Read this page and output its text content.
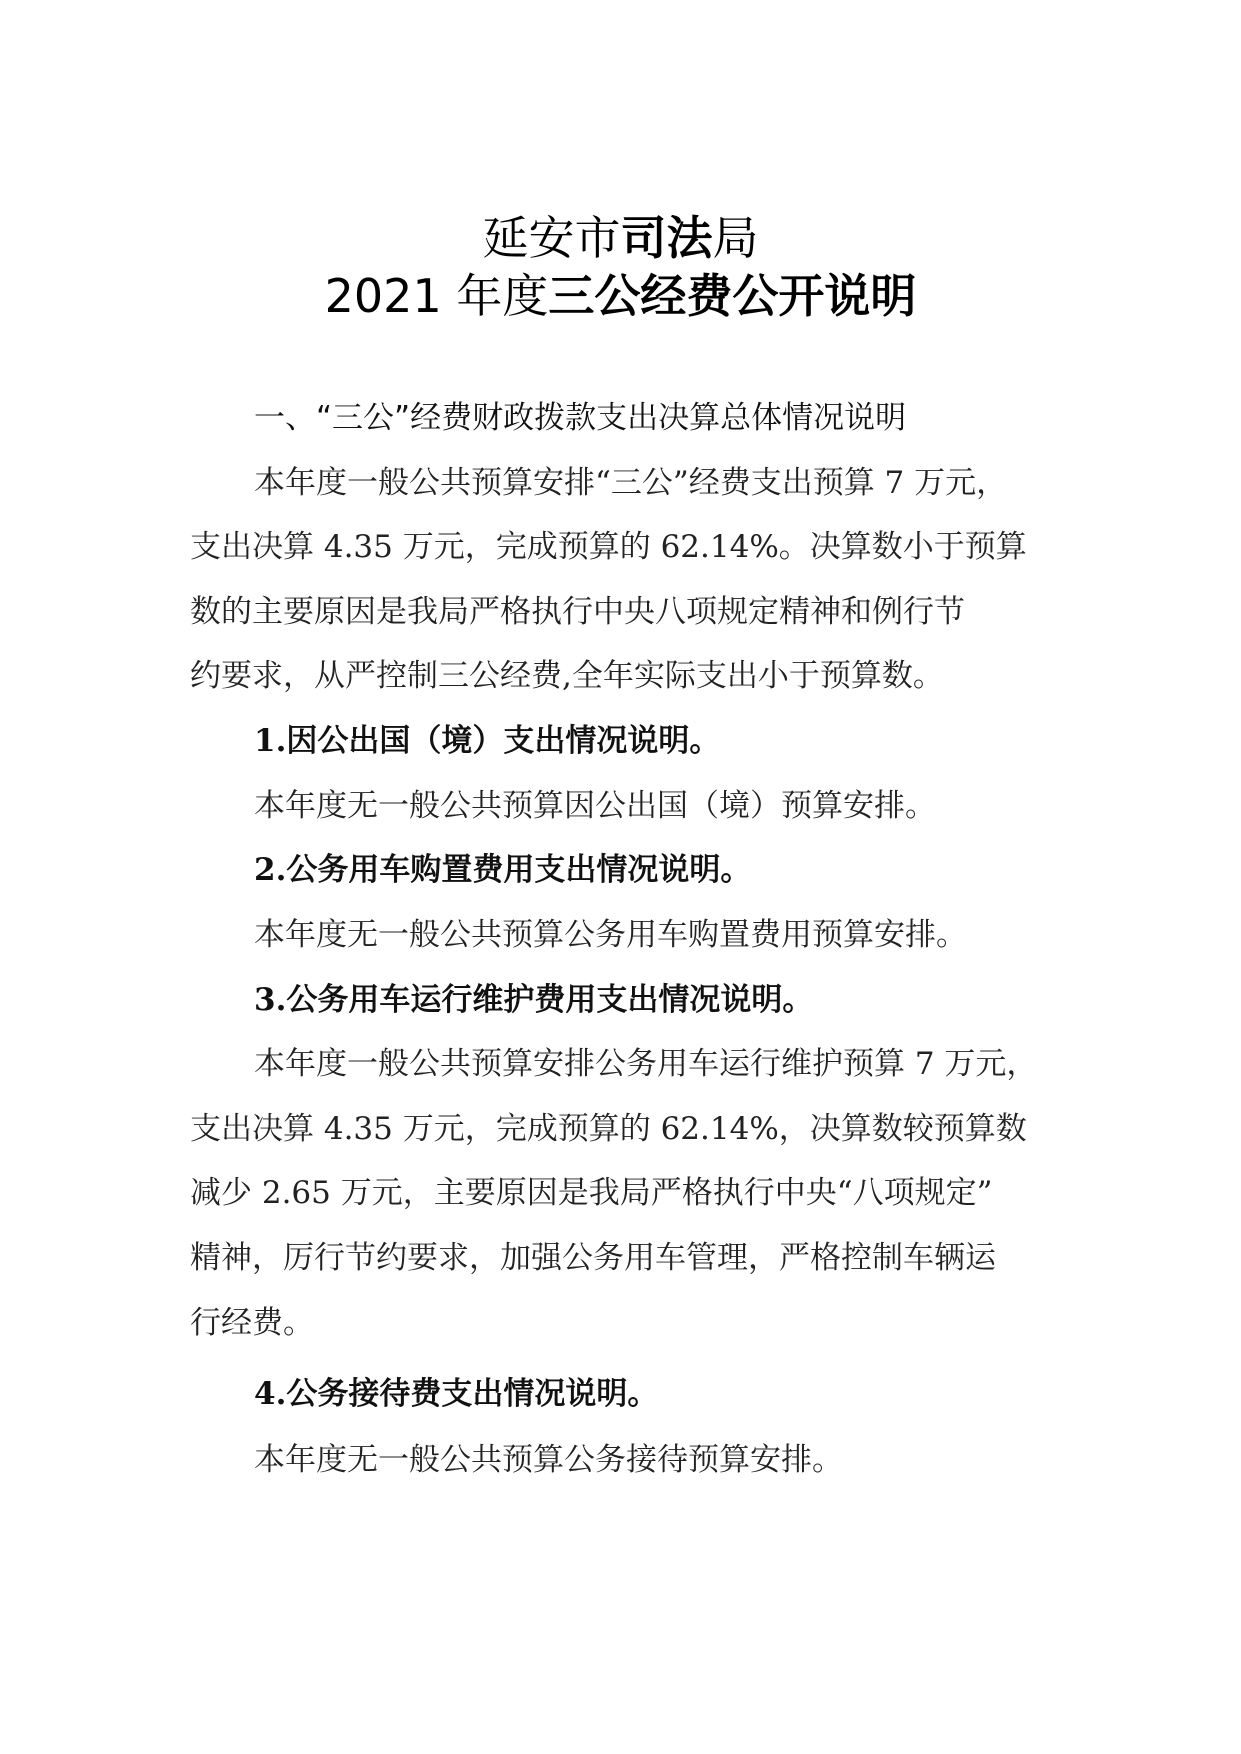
延安市司法局
2021 年度三公经费公开说明
一、“三公”经费财政拨款支出决算总体情况说明
本年度一般公共预算安排“三公”经费支出预算 7 万元，
支出决算 4.35 万元，完成预算的 62.14%。决算数小于预算
数的主要原因是我局严格执行中央八项规定精神和例行节
约要求，从严控制三公经费,全年实际支出小于预算数。
1.因公出国（境）支出情况说明。
本年度无一般公共预算因公出国（境）预算安排。
2.公务用车购置费用支出情况说明。
本年度无一般公共预算公务用车购置费用预算安排。
3.公务用车运行维护费用支出情况说明。
本年度一般公共预算安排公务用车运行维护预算 7 万元，
支出决算 4.35 万元，完成预算的 62.14%，决算数较预算数
减少 2.65 万元，主要原因是我局严格执行中央“八项规定”
精神，厉行节约要求，加强公务用车管理，严格控制车辆运
行经费。
4.公务接待费支出情况说明。
本年度无一般公共预算公务接待预算安排。
